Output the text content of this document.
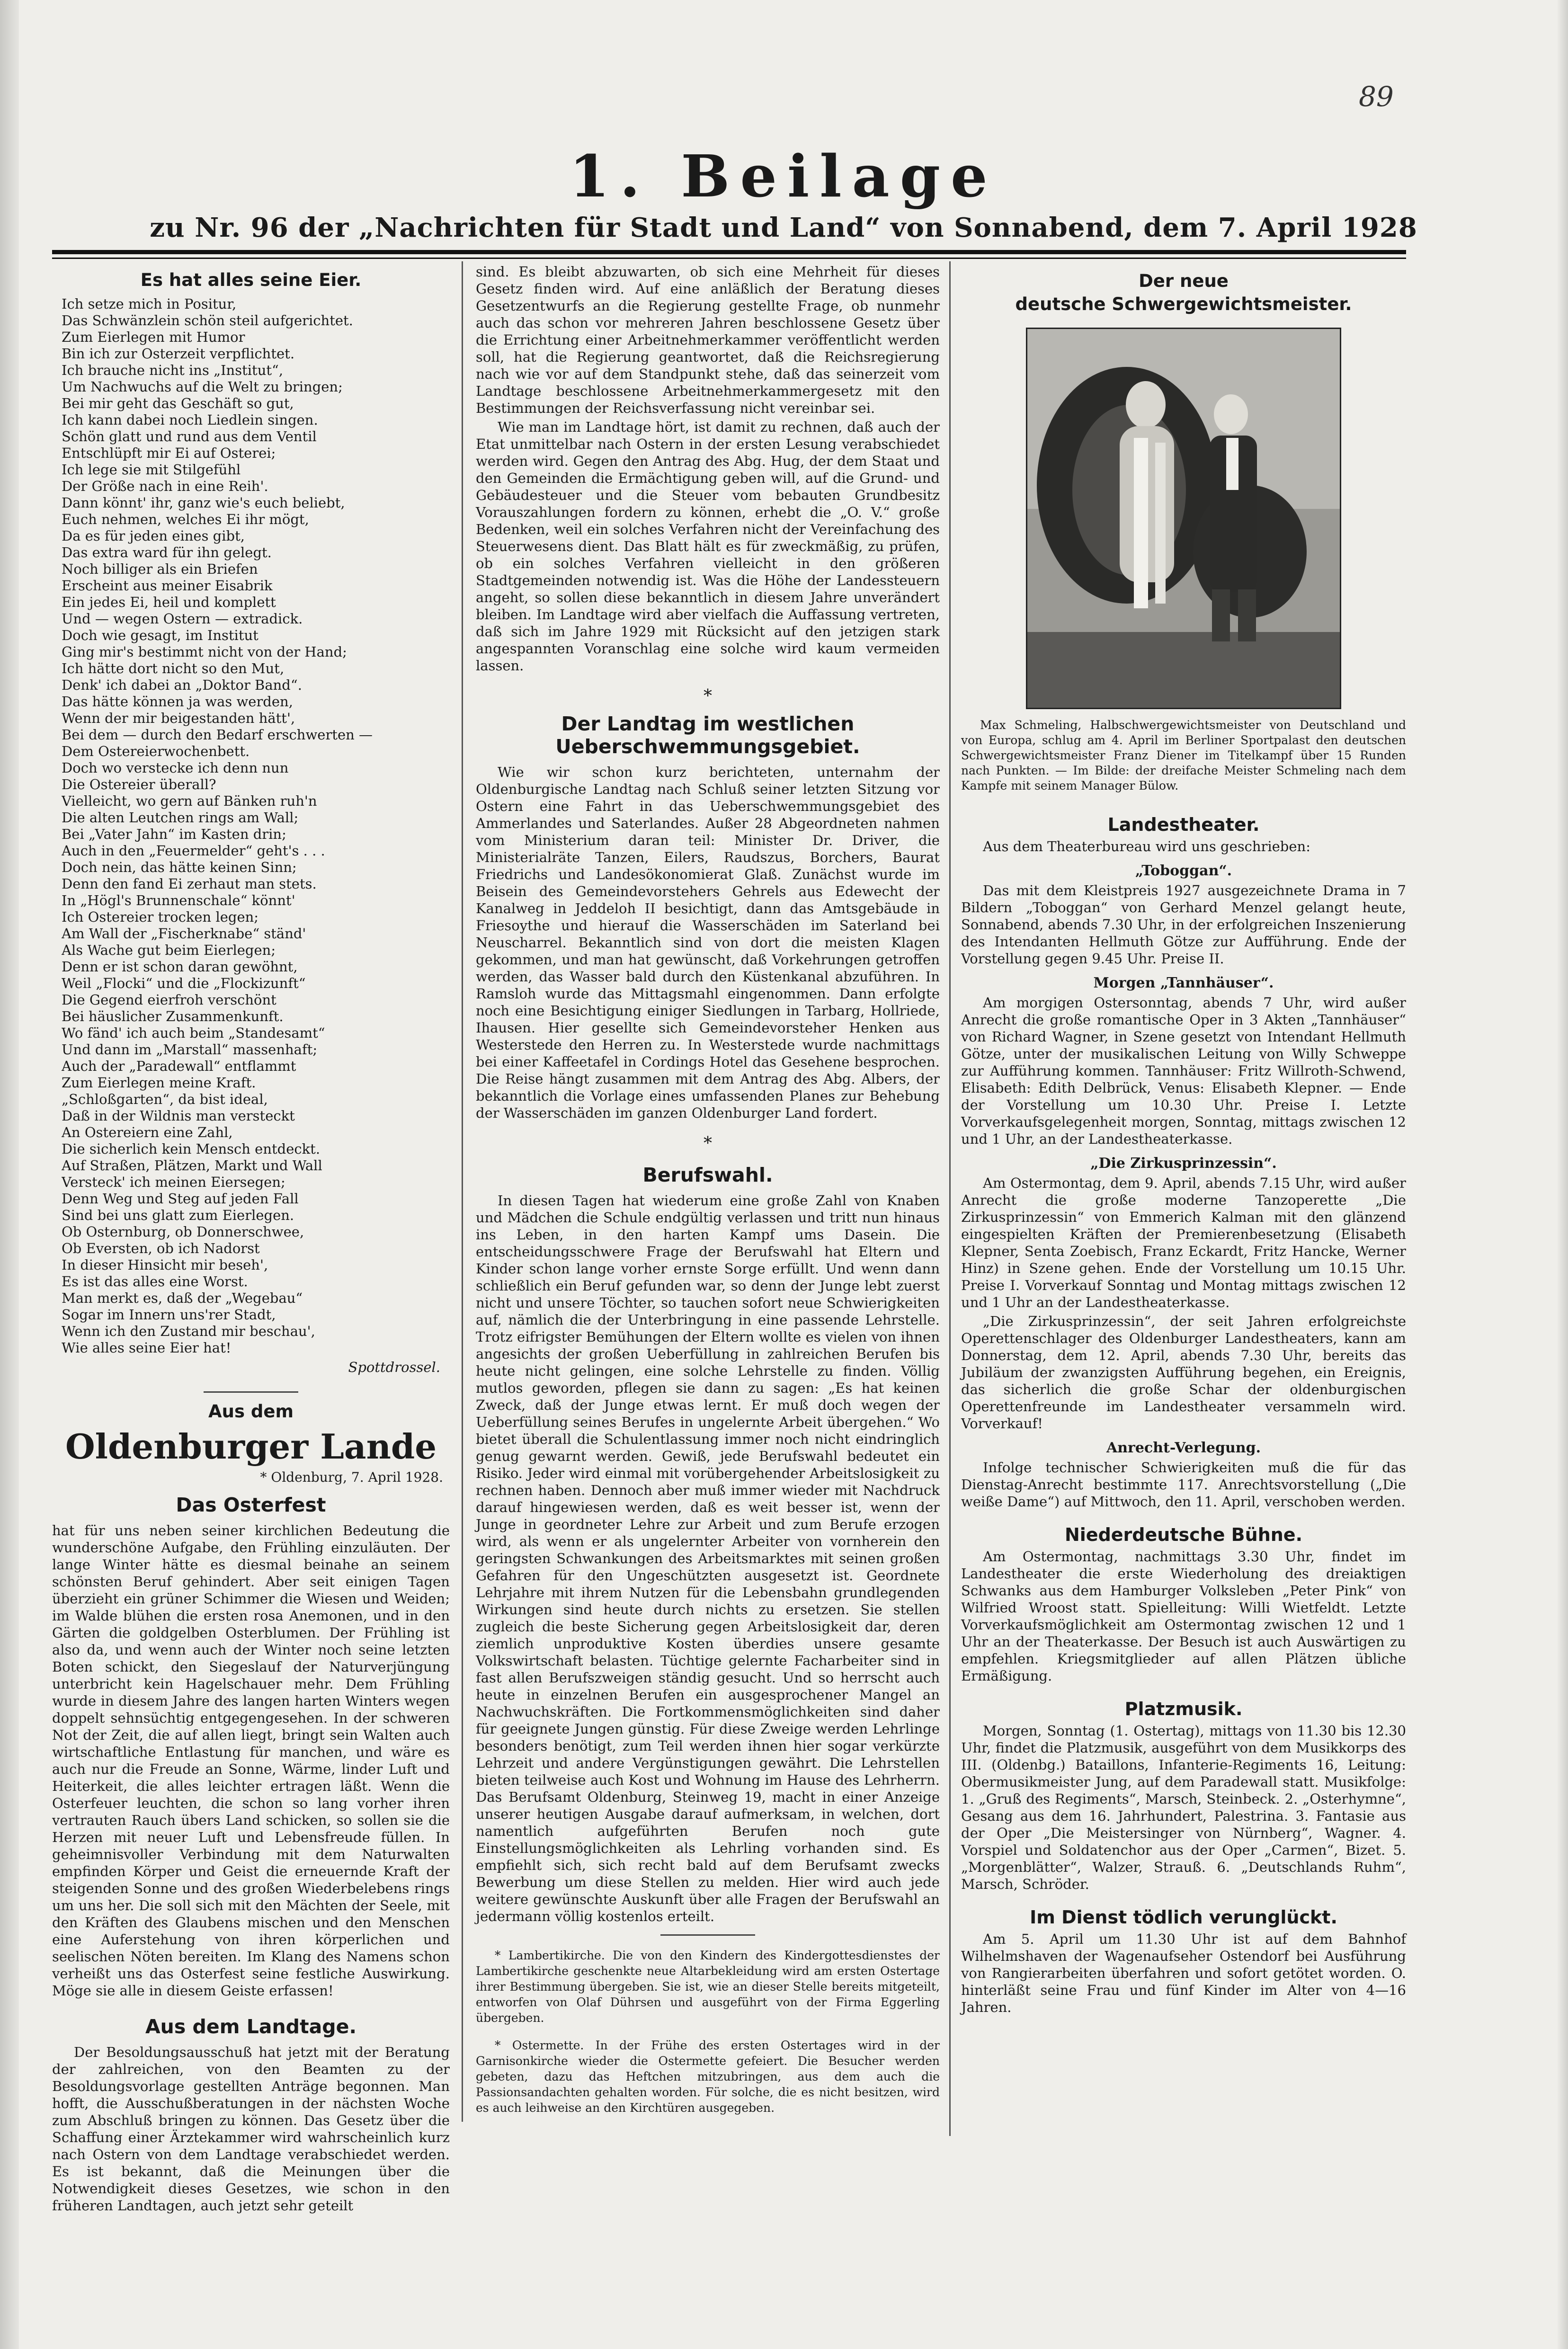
89
1. Beilage
zu Nr. 96 der „Nachrichten für Stadt und Land“ von Sonnabend, dem 7. April 1928
Es hat alles seine Eier.
Ich setze mich in Positur,
Das Schwänzlein schön steil aufgerichtet.
Zum Eierlegen mit Humor
Bin ich zur Osterzeit verpflichtet.
Ich brauche nicht ins „Institut“,
Um Nachwuchs auf die Welt zu bringen;
Bei mir geht das Geschäft so gut,
Ich kann dabei noch Liedlein singen.
Schön glatt und rund aus dem Ventil
Entschlüpft mir Ei auf Osterei;
Ich lege sie mit Stilgefühl
Der Größe nach in eine Reih'.
Dann könnt' ihr, ganz wie's euch beliebt,
Euch nehmen, welches Ei ihr mögt,
Da es für jeden eines gibt,
Das extra ward für ihn gelegt.
Noch billiger als ein Briefen
Erscheint aus meiner Eisabrik
Ein jedes Ei, heil und komplett
Und — wegen Ostern — extradick.
Doch wie gesagt, im Institut
Ging mir's bestimmt nicht von der Hand;
Ich hätte dort nicht so den Mut,
Denk' ich dabei an „Doktor Band“.
Das hätte können ja was werden,
Wenn der mir beigestanden hätt',
Bei dem — durch den Bedarf erschwerten —
Dem Ostereierwochenbett.
Doch wo verstecke ich denn nun
Die Ostereier überall?
Vielleicht, wo gern auf Bänken ruh'n
Die alten Leutchen rings am Wall;
Bei „Vater Jahn“ im Kasten drin;
Auch in den „Feuermelder“ geht's . . .
Doch nein, das hätte keinen Sinn;
Denn den fand Ei zerhaut man stets.
In „Högl's Brunnenschale“ könnt'
Ich Ostereier trocken legen;
Am Wall der „Fischerknabe“ ständ'
Als Wache gut beim Eierlegen;
Denn er ist schon daran gewöhnt,
Weil „Flocki“ und die „Flockizunft“
Die Gegend eierfroh verschönt
Bei häuslicher Zusammenkunft.
Wo fänd' ich auch beim „Standesamt“
Und dann im „Marstall“ massenhaft;
Auch der „Paradewall“ entflammt
Zum Eierlegen meine Kraft.
„Schloßgarten“, da bist ideal,
Daß in der Wildnis man versteckt
An Ostereiern eine Zahl,
Die sicherlich kein Mensch entdeckt.
Auf Straßen, Plätzen, Markt und Wall
Versteck' ich meinen Eiersegen;
Denn Weg und Steg auf jeden Fall
Sind bei uns glatt zum Eierlegen.
Ob Osternburg, ob Donnerschwee,
Ob Eversten, ob ich Nadorst
In dieser Hinsicht mir beseh',
Es ist das alles eine Worst.
Man merkt es, daß der „Wegebau“
Sogar im Innern uns'rer Stadt,
Wenn ich den Zustand mir beschau',
Wie alles seine Eier hat!
Spottdrossel.
Aus dem
Oldenburger Lande
* Oldenburg, 7. April 1928.
Das Osterfest

hat für uns neben seiner kirchlichen Bedeutung die wunderschöne Aufgabe, den Frühling einzuläuten. Der lange Winter hätte es diesmal beinahe an seinem schönsten Beruf gehindert. Aber seit einigen Tagen überzieht ein grüner Schimmer die Wiesen und Weiden; im Walde blühen die ersten rosa Anemonen, und in den Gärten die goldgelben Osterblumen. Der Frühling ist also da, und wenn auch der Winter noch seine letzten Boten schickt, den Siegeslauf der Naturverjüngung unterbricht kein Hagelschauer mehr. Dem Frühling wurde in diesem Jahre des langen harten Winters wegen doppelt sehnsüchtig entgegengesehen. In der schweren Not der Zeit, die auf allen liegt, bringt sein Walten auch wirtschaftliche Entlastung für manchen, und wäre es auch nur die Freude an Sonne, Wärme, linder Luft und Heiterkeit, die alles leichter ertragen läßt. Wenn die Osterfeuer leuchten, die schon so lang vorher ihren vertrauten Rauch übers Land schicken, so sollen sie die Herzen mit neuer Luft und Lebensfreude füllen. In geheimnisvoller Verbindung mit dem Naturwalten empfinden Körper und Geist die erneuernde Kraft der steigenden Sonne und des großen Wiederbelebens rings um uns her. Die soll sich mit den Mächten der Seele, mit den Kräften des Glaubens mischen und den Menschen eine Auferstehung von ihren körperlichen und seelischen Nöten bereiten. Im Klang des Namens schon verheißt uns das Osterfest seine festliche Auswirkung. Möge sie alle in diesem Geiste erfassen!

Aus dem Landtage.

Der Besoldungsausschuß hat jetzt mit der Beratung der zahlreichen, von den Beamten zu der Besoldungsvorlage gestellten Anträge begonnen. Man hofft, die Ausschußberatungen in der nächsten Woche zum Abschluß bringen zu können. Das Gesetz über die Schaffung einer Ärztekammer wird wahrscheinlich kurz nach Ostern von dem Landtage verabschiedet werden. Es ist bekannt, daß die Meinungen über die Notwendigkeit dieses Gesetzes, wie schon in den früheren Landtagen, auch jetzt sehr geteilt

sind. Es bleibt abzuwarten, ob sich eine Mehrheit für dieses Gesetz finden wird. Auf eine anläßlich der Beratung dieses Gesetzentwurfs an die Regierung gestellte Frage, ob nunmehr auch das schon vor mehreren Jahren beschlossene Gesetz über die Errichtung einer Arbeitnehmerkammer veröffentlicht werden soll, hat die Regierung geantwortet, daß die Reichsregierung nach wie vor auf dem Standpunkt stehe, daß das seinerzeit vom Landtage beschlossene Arbeitnehmerkammergesetz mit den Bestimmungen der Reichsverfassung nicht vereinbar sei.

Wie man im Landtage hört, ist damit zu rechnen, daß auch der Etat unmittelbar nach Ostern in der ersten Lesung verabschiedet werden wird. Gegen den Antrag des Abg. Hug, der dem Staat und den Gemeinden die Ermächtigung geben will, auf die Grund- und Gebäudesteuer und die Steuer vom bebauten Grundbesitz Vorauszahlungen fordern zu können, erhebt die „O. V.“ große Bedenken, weil ein solches Verfahren nicht der Vereinfachung des Steuerwesens dient. Das Blatt hält es für zweckmäßig, zu prüfen, ob ein solches Verfahren vielleicht in den größeren Stadtgemeinden notwendig ist. Was die Höhe der Landessteuern angeht, so sollen diese bekanntlich in diesem Jahre unverändert bleiben. Im Landtage wird aber vielfach die Auffassung vertreten, daß sich im Jahre 1929 mit Rücksicht auf den jetzigen stark angespannten Voranschlag eine solche wird kaum vermeiden lassen.

*
Der Landtag im westlichen
Ueberschwemmungsgebiet.

Wie wir schon kurz berichteten, unternahm der Oldenburgische Landtag nach Schluß seiner letzten Sitzung vor Ostern eine Fahrt in das Ueberschwemmungsgebiet des Ammerlandes und Saterlandes. Außer 28 Abgeordneten nahmen vom Ministerium daran teil: Minister Dr. Driver, die Ministerialräte Tanzen, Eilers, Raudszus, Borchers, Baurat Friedrichs und Landesökonomierat Glaß. Zunächst wurde im Beisein des Gemeindevorstehers Gehrels aus Edewecht der Kanalweg in Jeddeloh II besichtigt, dann das Amtsgebäude in Friesoythe und hierauf die Wasserschäden im Saterland bei Neuscharrel. Bekanntlich sind von dort die meisten Klagen gekommen, und man hat gewünscht, daß Vorkehrungen getroffen werden, das Wasser bald durch den Küstenkanal abzuführen. In Ramsloh wurde das Mittagsmahl eingenommen. Dann erfolgte noch eine Besichtigung einiger Siedlungen in Tarbarg, Hollriede, Ihausen. Hier gesellte sich Gemeindevorsteher Henken aus Westerstede den Herren zu. In Westerstede wurde nachmittags bei einer Kaffeetafel in Cordings Hotel das Gesehene besprochen. Die Reise hängt zusammen mit dem Antrag des Abg. Albers, der bekanntlich die Vorlage eines umfassenden Planes zur Behebung der Wasserschäden im ganzen Oldenburger Land fordert.

*
Berufswahl.

In diesen Tagen hat wiederum eine große Zahl von Knaben und Mädchen die Schule endgültig verlassen und tritt nun hinaus ins Leben, in den harten Kampf ums Dasein. Die entscheidungsschwere Frage der Berufswahl hat Eltern und Kinder schon lange vorher ernste Sorge erfüllt. Und wenn dann schließlich ein Beruf gefunden war, so denn der Junge lebt zuerst nicht und unsere Töchter, so tauchen sofort neue Schwierigkeiten auf, nämlich die der Unterbringung in eine passende Lehrstelle. Trotz eifrigster Bemühungen der Eltern wollte es vielen von ihnen angesichts der großen Ueberfüllung in zahlreichen Berufen bis heute nicht gelingen, eine solche Lehrstelle zu finden. Völlig mutlos geworden, pflegen sie dann zu sagen: „Es hat keinen Zweck, daß der Junge etwas lernt. Er muß doch wegen der Ueberfüllung seines Berufes in ungelernte Arbeit übergehen.“ Wo bietet überall die Schulentlassung immer noch nicht eindringlich genug gewarnt werden. Gewiß, jede Berufswahl bedeutet ein Risiko. Jeder wird einmal mit vorübergehender Arbeitslosigkeit zu rechnen haben. Dennoch aber muß immer wieder mit Nachdruck darauf hingewiesen werden, daß es weit besser ist, wenn der Junge in geordneter Lehre zur Arbeit und zum Berufe erzogen wird, als wenn er als ungelernter Arbeiter von vornherein den geringsten Schwankungen des Arbeitsmarktes mit seinen großen Gefahren für den Ungeschützten ausgesetzt ist. Geordnete Lehrjahre mit ihrem Nutzen für die Lebensbahn grundlegenden Wirkungen sind heute durch nichts zu ersetzen. Sie stellen zugleich die beste Sicherung gegen Arbeitslosigkeit dar, deren ziemlich unproduktive Kosten überdies unsere gesamte Volkswirtschaft belasten. Tüchtige gelernte Facharbeiter sind in fast allen Berufszweigen ständig gesucht. Und so herrscht auch heute in einzelnen Berufen ein ausgesprochener Mangel an Nachwuchskräften. Die Fortkommensmöglichkeiten sind daher für geeignete Jungen günstig. Für diese Zweige werden Lehrlinge besonders benötigt, zum Teil werden ihnen hier sogar verkürzte Lehrzeit und andere Vergünstigungen gewährt. Die Lehrstellen bieten teilweise auch Kost und Wohnung im Hause des Lehrherrn. Das Berufsamt Oldenburg, Steinweg 19, macht in einer Anzeige unserer heutigen Ausgabe darauf aufmerksam, in welchen, dort namentlich aufgeführten Berufen noch gute Einstellungsmöglichkeiten als Lehrling vorhanden sind. Es empfiehlt sich, sich recht bald auf dem Berufsamt zwecks Bewerbung um diese Stellen zu melden. Hier wird auch jede weitere gewünschte Auskunft über alle Fragen der Berufswahl an jedermann völlig kostenlos erteilt.

* Lambertikirche. Die von den Kindern des Kindergottesdienstes der Lambertikirche geschenkte neue Altarbekleidung wird am ersten Ostertage ihrer Bestimmung übergeben. Sie ist, wie an dieser Stelle bereits mitgeteilt, entworfen von Olaf Dührsen und ausgeführt von der Firma Eggerling übergeben.

* Ostermette. In der Frühe des ersten Ostertages wird in der Garnisonkirche wieder die Ostermette gefeiert. Die Besucher werden gebeten, dazu das Heftchen mitzubringen, aus dem auch die Passionsandachten gehalten worden. Für solche, die es nicht besitzen, wird es auch leihweise an den Kirchtüren ausgegeben.

Der neue
deutsche Schwergewichtsmeister.

Max Schmeling, Halbschwergewichtsmeister von Deutschland und von Europa, schlug am 4. April im Berliner Sportpalast den deutschen Schwergewichtsmeister Franz Diener im Titelkampf über 15 Runden nach Punkten. — Im Bilde: der dreifache Meister Schmeling nach dem Kampfe mit seinem Manager Bülow.

Landestheater.

Aus dem Theaterbureau wird uns geschrieben:

„Toboggan“.

Das mit dem Kleistpreis 1927 ausgezeichnete Drama in 7 Bildern „Toboggan“ von Gerhard Menzel gelangt heute, Sonnabend, abends 7.30 Uhr, in der erfolgreichen Inszenierung des Intendanten Hellmuth Götze zur Aufführung. Ende der Vorstellung gegen 9.45 Uhr. Preise II.

Morgen „Tannhäuser“.

Am morgigen Ostersonntag, abends 7 Uhr, wird außer Anrecht die große romantische Oper in 3 Akten „Tannhäuser“ von Richard Wagner, in Szene gesetzt von Intendant Hellmuth Götze, unter der musikalischen Leitung von Willy Schweppe zur Aufführung kommen. Tannhäuser: Fritz Willroth-Schwend, Elisabeth: Edith Delbrück, Venus: Elisabeth Klepner. — Ende der Vorstellung um 10.30 Uhr. Preise I. Letzte Vorverkaufsgelegenheit morgen, Sonntag, mittags zwischen 12 und 1 Uhr, an der Landestheaterkasse.

„Die Zirkusprinzessin“.

Am Ostermontag, dem 9. April, abends 7.15 Uhr, wird außer Anrecht die große moderne Tanzoperette „Die Zirkusprinzessin“ von Emmerich Kalman mit den glänzend eingespielten Kräften der Premierenbesetzung (Elisabeth Klepner, Senta Zoebisch, Franz Eckardt, Fritz Hancke, Werner Hinz) in Szene gehen. Ende der Vorstellung um 10.15 Uhr. Preise I. Vorverkauf Sonntag und Montag mittags zwischen 12 und 1 Uhr an der Landestheaterkasse.

„Die Zirkusprinzessin“, der seit Jahren erfolgreichste Operettenschlager des Oldenburger Landestheaters, kann am Donnerstag, dem 12. April, abends 7.30 Uhr, bereits das Jubiläum der zwanzigsten Aufführung begehen, ein Ereignis, das sicherlich die große Schar der oldenburgischen Operettenfreunde im Landestheater versammeln wird. Vorverkauf!

Anrecht-Verlegung.

Infolge technischer Schwierigkeiten muß die für das Dienstag-Anrecht bestimmte 117. Anrechtsvorstellung („Die weiße Dame“) auf Mittwoch, den 11. April, verschoben werden.

Niederdeutsche Bühne.

Am Ostermontag, nachmittags 3.30 Uhr, findet im Landestheater die erste Wiederholung des dreiaktigen Schwanks aus dem Hamburger Volksleben „Peter Pink“ von Wilfried Wroost statt. Spielleitung: Willi Wietfeldt. Letzte Vorverkaufsmöglichkeit am Ostermontag zwischen 12 und 1 Uhr an der Theaterkasse. Der Besuch ist auch Auswärtigen zu empfehlen. Kriegsmitglieder auf allen Plätzen übliche Ermäßigung.

Platzmusik.

Morgen, Sonntag (1. Ostertag), mittags von 11.30 bis 12.30 Uhr, findet die Platzmusik, ausgeführt von dem Musikkorps des III. (Oldenbg.) Bataillons, Infanterie-Regiments 16, Leitung: Obermusikmeister Jung, auf dem Paradewall statt. Musikfolge: 1. „Gruß des Regiments“, Marsch, Steinbeck. 2. „Osterhymne“, Gesang aus dem 16. Jahrhundert, Palestrina. 3. Fantasie aus der Oper „Die Meistersinger von Nürnberg“, Wagner. 4. Vorspiel und Soldatenchor aus der Oper „Carmen“, Bizet. 5. „Morgenblätter“, Walzer, Strauß. 6. „Deutschlands Ruhm“, Marsch, Schröder.

Im Dienst tödlich verunglückt.

Am 5. April um 11.30 Uhr ist auf dem Bahnhof Wilhelmshaven der Wagenaufseher Ostendorf bei Ausführung von Rangierarbeiten überfahren und sofort getötet worden. O. hinterläßt seine Frau und fünf Kinder im Alter von 4—16 Jahren.
